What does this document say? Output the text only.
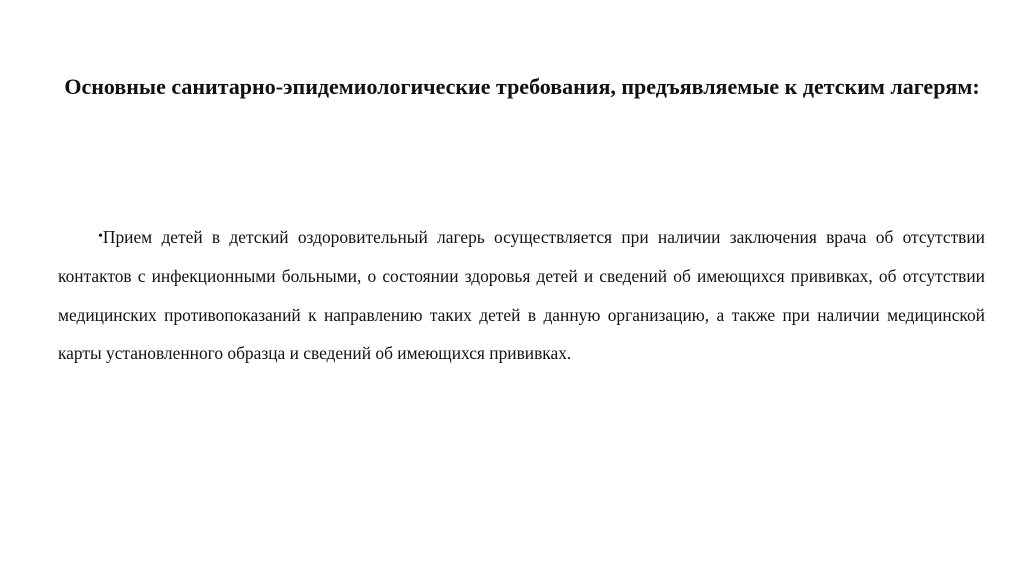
Основные санитарно-эпидемиологические требования, предъявляемые к детским лагерям:

•Прием детей в детский оздоровительный лагерь осуществляется при наличии заключения врача об отсутствии контактов с инфекционными больными, о состоянии здоровья детей и сведений об имеющихся прививках, об отсутствии медицинских противопоказаний к направлению таких детей в данную организацию, а также при наличии медицинской карты установленного образца и сведений об имеющихся прививках.
